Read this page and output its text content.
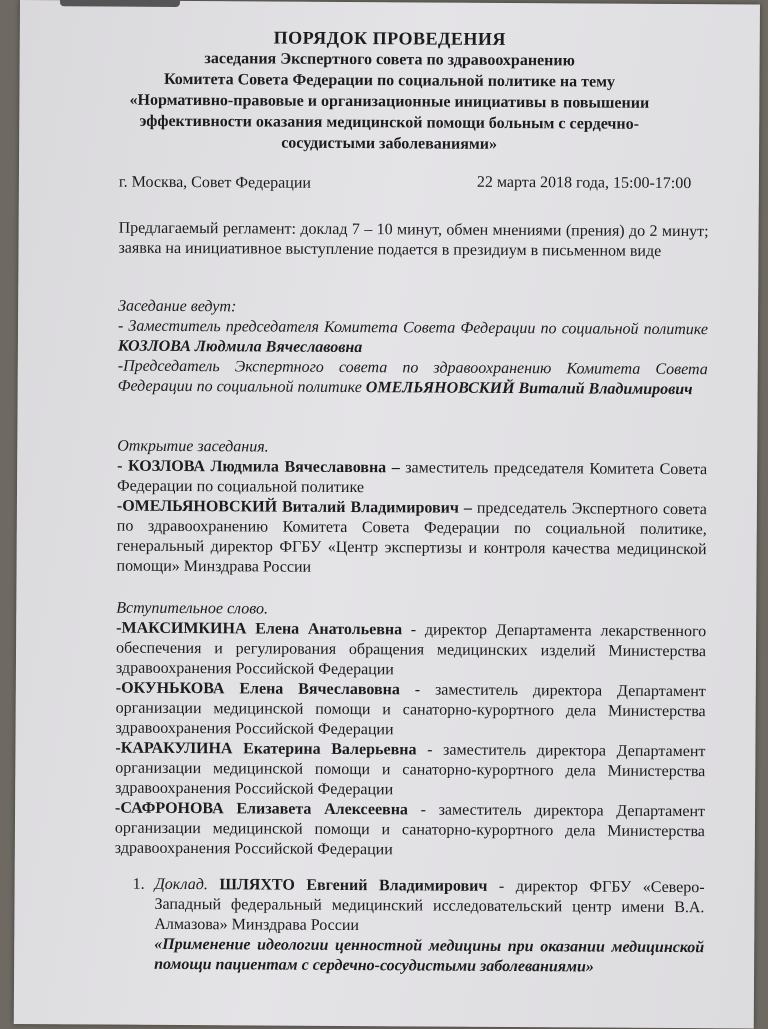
ПОРЯДОК ПРОВЕДЕНИЯ
заседания Экспертного совета по здравоохранению
Комитета Совета Федерации по социальной политике на тему
«Нормативно-правовые и организационные инициативы в повышении
эффективности оказания медицинской помощи больным с сердечно-
сосудистыми заболеваниями»
г. Москва, Совет Федерации	22 марта 2018 года, 15:00-17:00
Предлагаемый регламент: доклад 7 – 10 минут, обмен мнениями (прения) до 2 минут; заявка на инициативное выступление подается в президиум в письменном виде
Заседание ведут:
- Заместитель председателя Комитета Совета Федерации по социальной политике КОЗЛОВА Людмила Вячеславовна
-Председатель Экспертного совета по здравоохранению Комитета Совета Федерации по социальной политике ОМЕЛЬЯНОВСКИЙ Виталий Владимирович
Открытие заседания.
- КОЗЛОВА Людмила Вячеславовна – заместитель председателя Комитета Совета Федерации по социальной политике
-ОМЕЛЬЯНОВСКИЙ Виталий Владимирович – председатель Экспертного совета по здравоохранению Комитета Совета Федерации по социальной политике, генеральный директор ФГБУ «Центр экспертизы и контроля качества медицинской помощи» Минздрава России
Вступительное слово.
-МАКСИМКИНА Елена Анатольевна - директор Департамента лекарственного обеспечения и регулирования обращения медицинских изделий Министерства здравоохранения Российской Федерации
-ОКУНЬКОВА Елена Вячеславовна - заместитель директора Департамент организации медицинской помощи и санаторно-курортного дела Министерства здравоохранения Российской Федерации
-КАРАКУЛИНА Екатерина Валерьевна - заместитель директора Департамент организации медицинской помощи и санаторно-курортного дела Министерства здравоохранения Российской Федерации
-САФРОНОВА Елизавета Алексеевна - заместитель директора Департамент организации медицинской помощи и санаторно-курортного дела Министерства здравоохранения Российской Федерации
1. Доклад. ШЛЯХТО Евгений Владимирович - директор ФГБУ «Северо-Западный федеральный медицинский исследовательский центр имени В.А. Алмазова» Минздрава России
«Применение идеологии ценностной медицины при оказании медицинской помощи пациентам с сердечно-сосудистыми заболеваниями»
